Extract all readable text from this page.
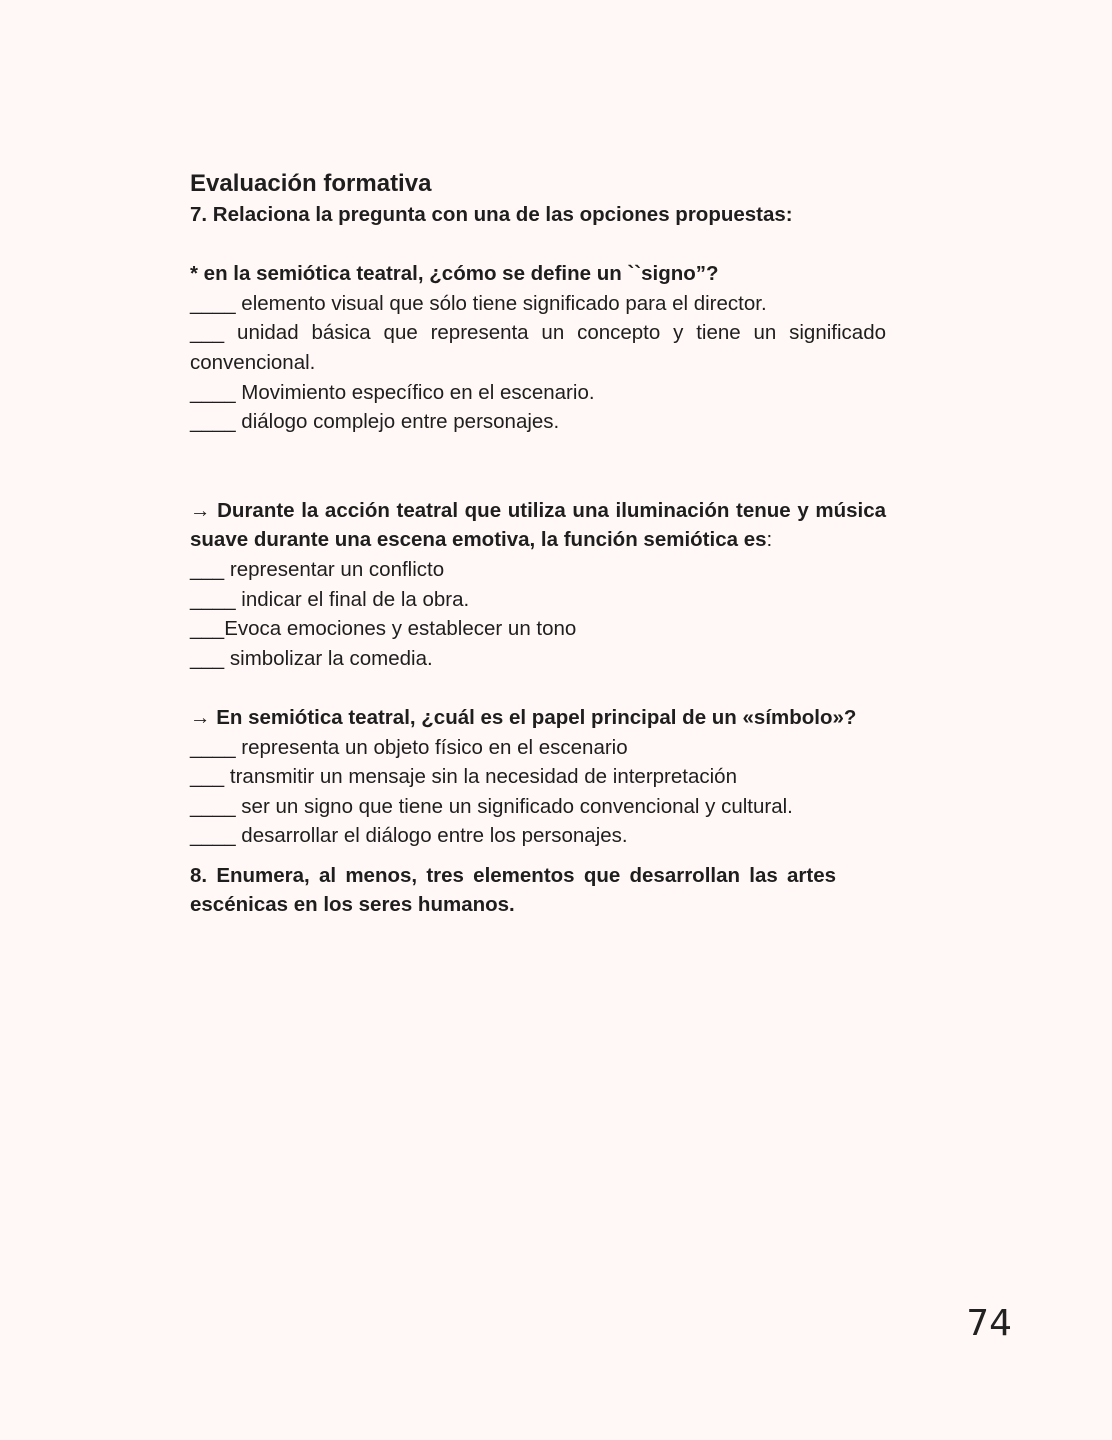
Evaluación formativa

7. Relaciona la pregunta con una de las opciones propuestas:

* en la semiótica teatral, ¿cómo se define un ``signo”?

____ elemento visual que sólo tiene significado para el director.

___ unidad básica que representa un concepto y tiene un significado convencional.

____ Movimiento específico en el escenario.

____ diálogo complejo entre personajes.

→ Durante la acción teatral que utiliza una iluminación tenue y música suave durante una escena emotiva, la función semiótica es:

___ representar un conflicto

____ indicar el final de la obra.

___Evoca emociones y establecer un tono

___ simbolizar la comedia.

→ En semiótica teatral, ¿cuál es el papel principal de un «símbolo»?

____ representa un objeto físico en el escenario

___ transmitir un mensaje sin la necesidad de interpretación

____ ser un signo que tiene un significado convencional y cultural.

____ desarrollar el diálogo entre los personajes.

8. Enumera, al menos, tres elementos que desarrollan las artes escénicas en los seres humanos.

74
